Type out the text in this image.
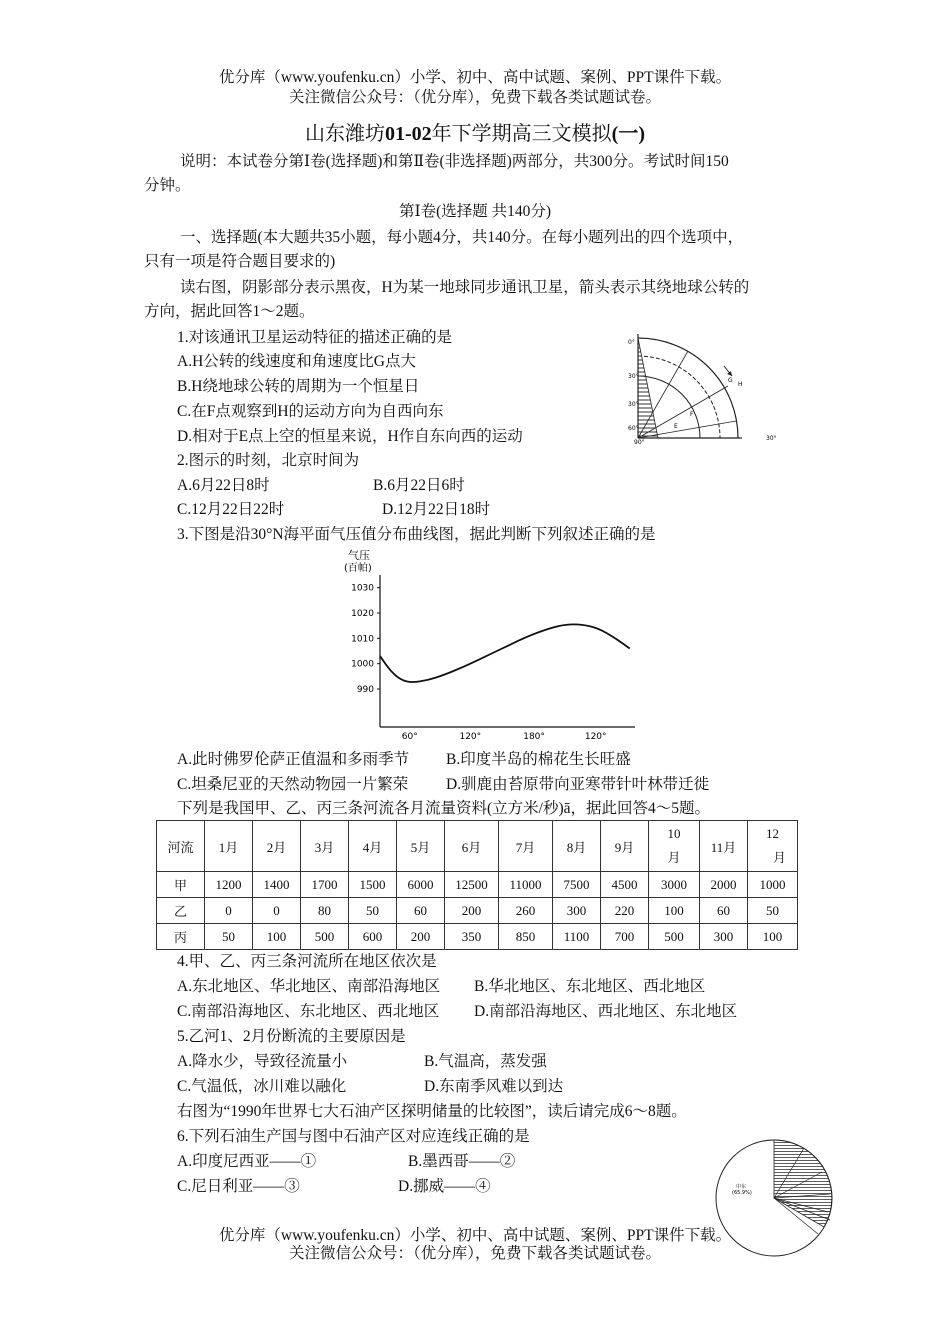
优分库（www.youfenku.cn）小学、初中、高中试题、案例、PPT课件下载。
关注微信公众号：（优分库），免费下载各类试题试卷。
山东潍坊01-02年下学期高三文模拟(一)
说明：本试卷分第Ⅰ卷(选择题)和第Ⅱ卷(非选择题)两部分，共300分。考试时间150
分钟。
第Ⅰ卷(选择题 共140分)
一、选择题(本大题共35小题，每小题4分，共140分。在每小题列出的四个选项中，
只有一项是符合题目要求的)
读右图，阴影部分表示黑夜，H为某一地球同步通讯卫星，箭头表示其绕地球公转的
方向，据此回答1～2题。
1.对该通讯卫星运动特征的描述正确的是
A.H公转的线速度和角速度比G点大
B.H绕地球公转的周期为一个恒星日
C.在F点观察到H的运动方向为自西向东
D.相对于E点上空的恒星来说，H作自东向西的运动
0°
30°
30°
60°
90°
30°
H
G
F
E
2.图示的时刻，北京时间为
A.6月22日8时	B.6月22日6时
C.12月22日22时	D.12月22日18时
3.下图是沿30°N海平面气压值分布曲线图，据此判断下列叙述正确的是
气压
(百帕)
990
1000
1010
1020
1030
60°	120°	180°	120°
A.此时佛罗伦萨正值温和多雨季节 B.印度半岛的棉花生长旺盛
C.坦桑尼亚的天然动物园一片繁荣 D.驯鹿由苔原带向亚寒带针叶林带迁徙
下列是我国甲、乙、丙三条河流各月流量资料(立方米/秒)ā，据此回答4～5题。
河流	1月	2月	3月	4月	5月	6月	7月	8月	9月	10
月	11月	12
月
甲	1200	1400	1700	1500	6000	12500	11000	7500	4500	3000	2000	1000
乙	0	0	80	50	60	200	260	300	220	100	60	50
丙	50	100	500	600	200	350	850	1100	700	500	300	100
4.甲、乙、丙三条河流所在地区依次是
A.东北地区、华北地区、南部沿海地区 B.华北地区、东北地区、西北地区
C.南部沿海地区、东北地区、西北地区 D.南部沿海地区、西北地区、东北地区
5.乙河1、2月份断流的主要原因是
A.降水少，导致径流量小	B.气温高，蒸发强
C.气温低，冰川难以融化	D.东南季风难以到达
右图为“1990年世界七大石油产区探明储量的比较图”，读后请完成6～8题。
6.下列石油生产国与图中石油产区对应连线正确的是
A.印度尼西亚——①	B.墨西哥——②
C.尼日利亚——③	D.挪威——④	中东
(65.9%)
优分库（www.youfenku.cn）小学、初中、高中试题、案例、PPT课件下载。
关注微信公众号：（优分库），免费下载各类试题试卷。
